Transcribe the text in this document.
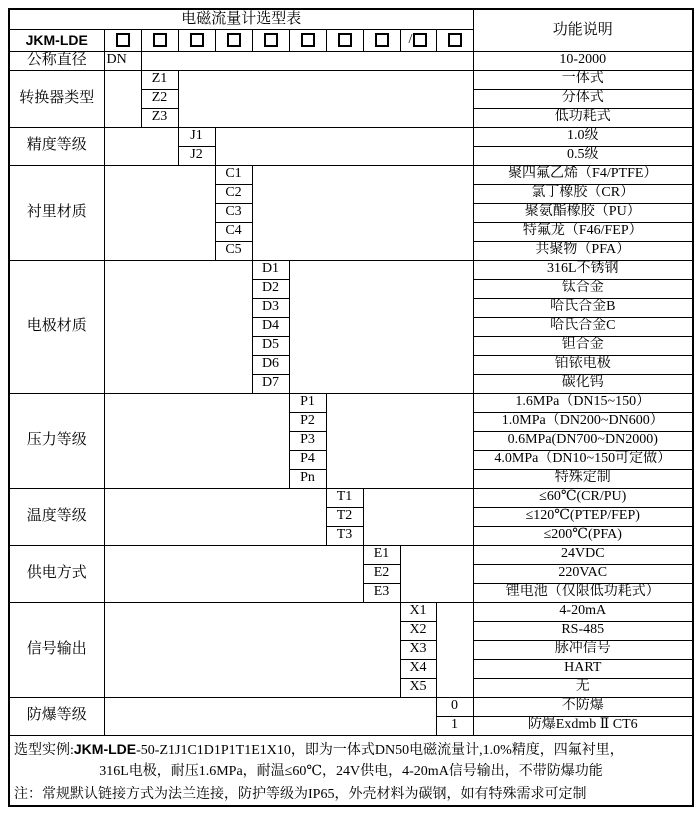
电磁流量计选型表											功能说明
JKM-LDE									/		
公称直径	DN										10-2000
转换器类型		Z1									一体式
		Z2									分体式
		Z3									低功耗式
精度等级			J1								1.0级
			J2								0.5级
衬里材质				C1							聚四氟乙烯（F4/PTFE）
				C2							氯丁橡胶（CR）
				C3							聚氨酯橡胶（PU）
				C4							特氟龙（F46/FEP）
				C5							共聚物（PFA）
电极材质					D1						316L不锈钢
					D2						钛合金
					D3						哈氏合金B
					D4						哈氏合金C
					D5						钽合金
					D6						铂铱电极
					D7						碳化钨
压力等级						P1					1.6MPa（DN15~150）
						P2					1.0MPa（DN200~DN600）
						P3					0.6MPa(DN700~DN2000)
						P4					4.0MPa（DN10~150可定做）
						Pn					特殊定制
温度等级							T1				≤60℃(CR/PU)
							T2				≤120℃(PTEP/FEP)
							T3				≤200℃(PFA)
供电方式								E1			24VDC
								E2			220VAC
								E3			锂电池（仅限低功耗式）
信号输出									X1		4-20mA
									X2		RS-485
									X3		脉冲信号
									X4		HART
									X5		无
防爆等级										0	不防爆
										1	防爆Exdmb Ⅱ CT6

选型实例:JKM-LDE-50-Z1J1C1D1P1T1E1X10，即为一体式DN50电磁流量计,1.0%精度，四氟衬里，
316L电极，耐压1.6MPa，耐温≤60℃，24V供电，4-20mA信号输出，不带防爆功能
注：常规默认链接方式为法兰连接，防护等级为IP65，外壳材料为碳钢，如有特殊需求可定制											
